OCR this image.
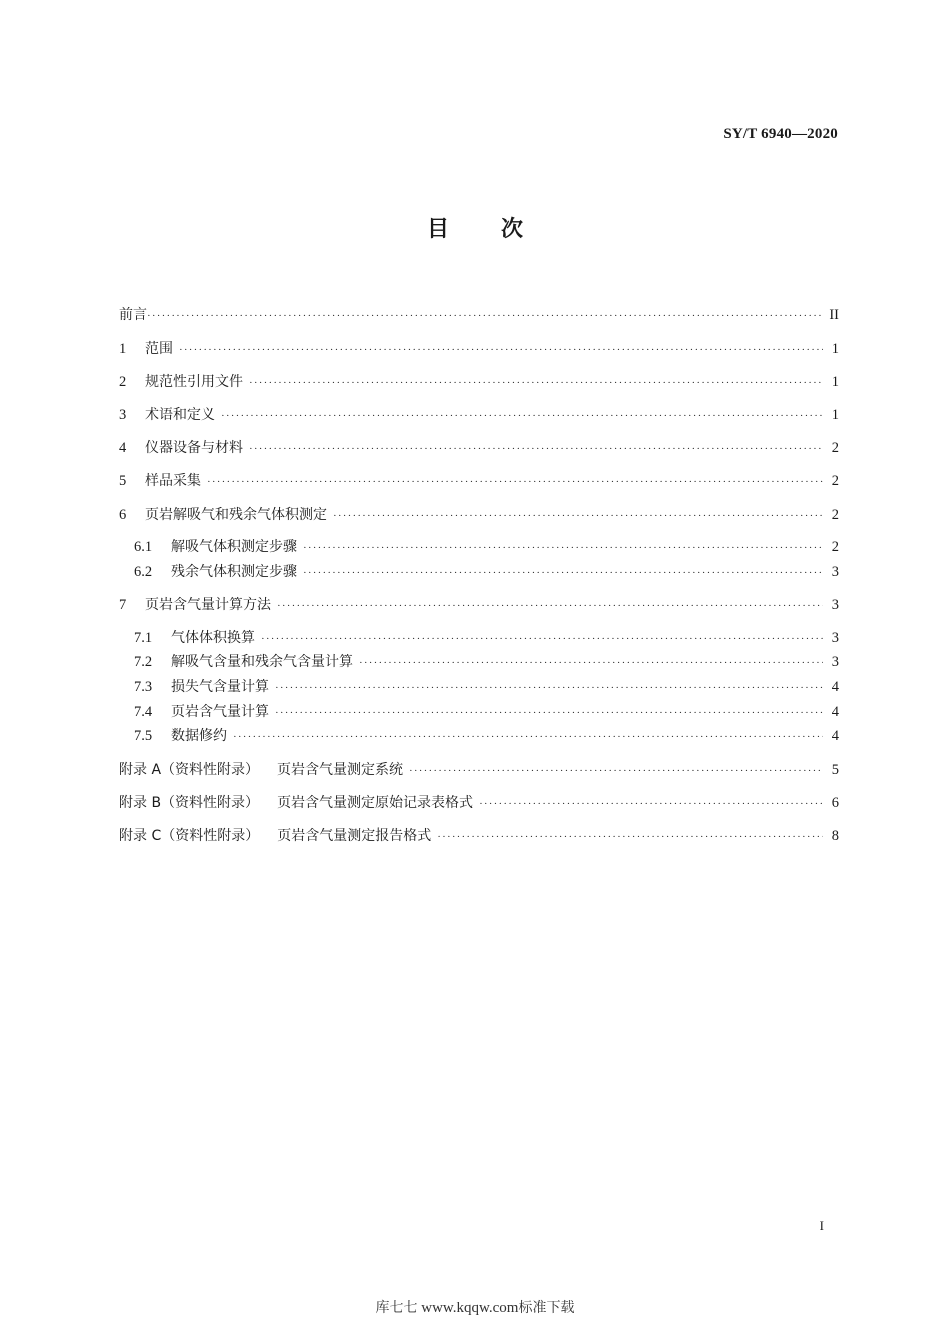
SY/T 6940—2020
目 次
前言 ·····	II
1	范围 ·····	1
2	规范性引用文件 ·····	1
3	术语和定义 ·····	1
4	仪器设备与材料 ·····	2
5	样品采集 ·····	2
6	页岩解吸气和残余气体积测定 ·····	2
6.1	解吸气体积测定步骤 ·····	2
6.2	残余气体积测定步骤 ·····	3
7	页岩含气量计算方法 ·····	3
7.1	气体体积换算 ·····	3
7.2	解吸气含量和残余气含量计算 ·····	3
7.3	损失气含量计算 ·····	4
7.4	页岩含气量计算 ·····	4
7.5	数据修约 ·····	4
附录 A（资料性附录） 页岩含气量测定系统 ·····	5
附录 B（资料性附录） 页岩含气量测定原始记录表格式 ·····	6
附录 C（资料性附录） 页岩含气量测定报告格式 ·····	8
I
库七七 www.kqqw.com标准下载
